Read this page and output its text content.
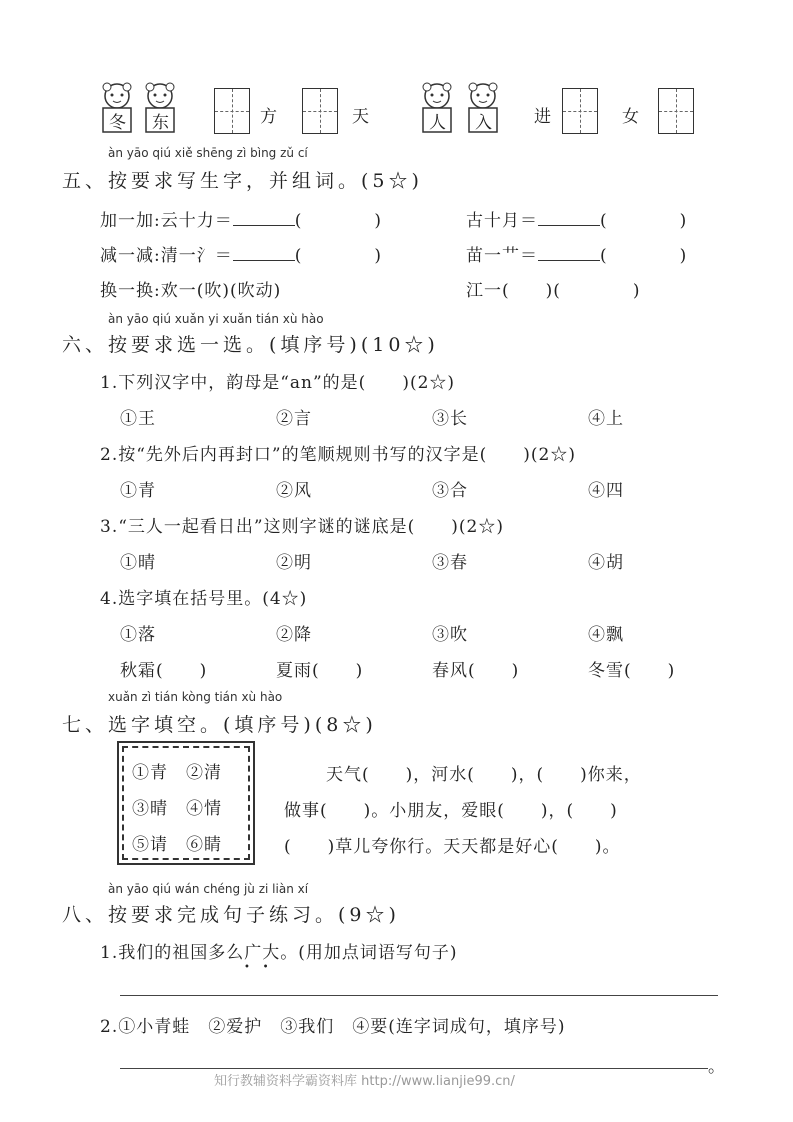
冬 东	方	天	人 入 进	女
àn yāo qiú xiě shēng zì bìng zǔ cí
五、按要求写生字，并组词。(5☆)
加一加:云十力＝	(　　　　)	古十月＝	(　　　　)
减一减:清一氵＝	(　　　　)	苗一艹＝	(　　　　)
换一换:欢一(吹)(吹动)	江一(　　)(　　　　)
àn yāo qiú xuǎn yi xuǎn tián xù hào
六、按要求选一选。(填序号)(10☆)
1.下列汉字中，韵母是“an”的是(　　)(2☆)
①王	②言	③长	④上
2.按“先外后内再封口”的笔顺规则书写的汉字是(　　)(2☆)
①青	②风	③合	④四
3.“三人一起看日出”这则字谜的谜底是(　　)(2☆)
①晴	②明	③春	④胡
4.选字填在括号里。(4☆)
①落	②降	③吹	④飘
秋霜(　　)	夏雨(　　)	春风(　　)	冬雪(　　)
xuǎn zì tián kòng tián xù hào
七、选字填空。(填序号)(8☆)
①青　②清
③晴　④情
⑤请　⑥睛
天气(　　)，河水(　　)，(　　)你来，
做事(　　)。小朋友，爱眼(　　)，(　　)
(　　)草儿夸你行。天天都是好心(　　)。
àn yāo qiú wán chéng jù zi liàn xí
八、按要求完成句子练习。(9☆)
1.我们的祖国多么广大。(用加点词语写句子)
•    •
2.①小青蛙　②爱护　③我们　④要(连字词成句，填序号)
。
知行教辅资料学霸资料库 http://www.lianjie99.cn/
